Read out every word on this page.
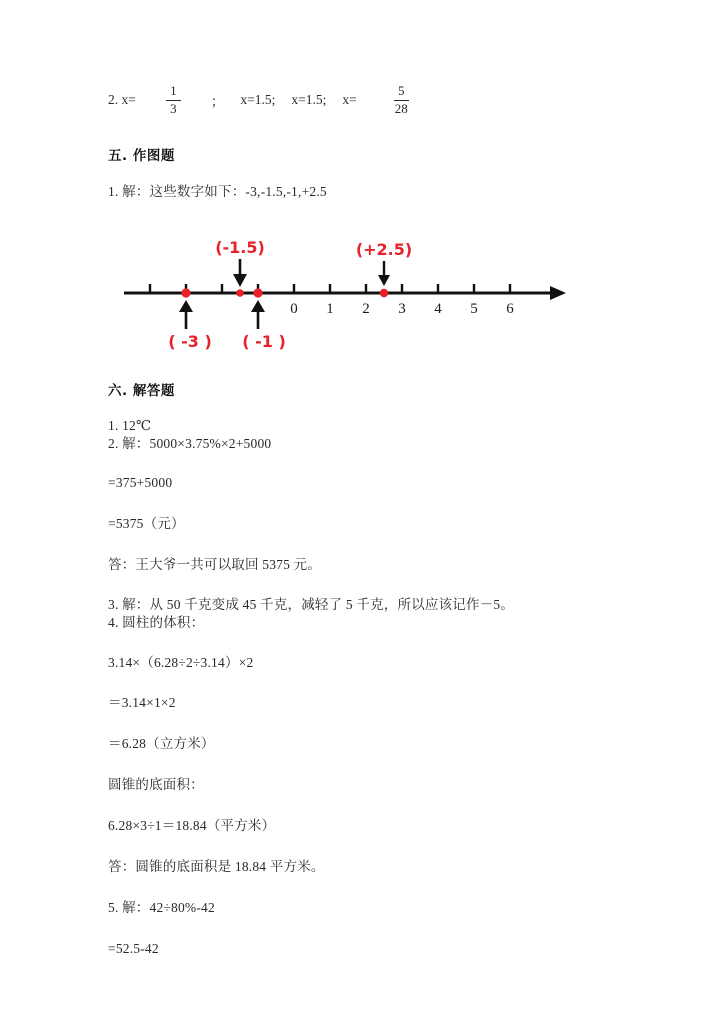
2. $x= \frac{1}{3}$ ； x=1.5; x=1.5; x=	$\frac{5}{28}$
五. 作图题
1. 解：这些数字如下：-3,-1.5,-1,+2.5
0 1 2 3 4 5 6
(-1.5)	(+2.5)
( -3 ) ( -1 )
六. 解答题
1. 12℃
2. 解：5000×3.75%×2+5000
=375+5000
=5375（元）
答：王大爷一共可以取回 5375 元。
3. 解：从 50 千克变成 45 千克，减轻了 5 千克，所以应该记作－5。
4. 圆柱的体积：
3.14×（6.28÷2÷3.14）×2
＝3.14×1×2
＝6.28（立方米）
圆锥的底面积：
6.28×3÷1＝18.84（平方米）
答：圆锥的底面积是 18.84 平方米。
5. 解：42÷80%-42
=52.5-42
